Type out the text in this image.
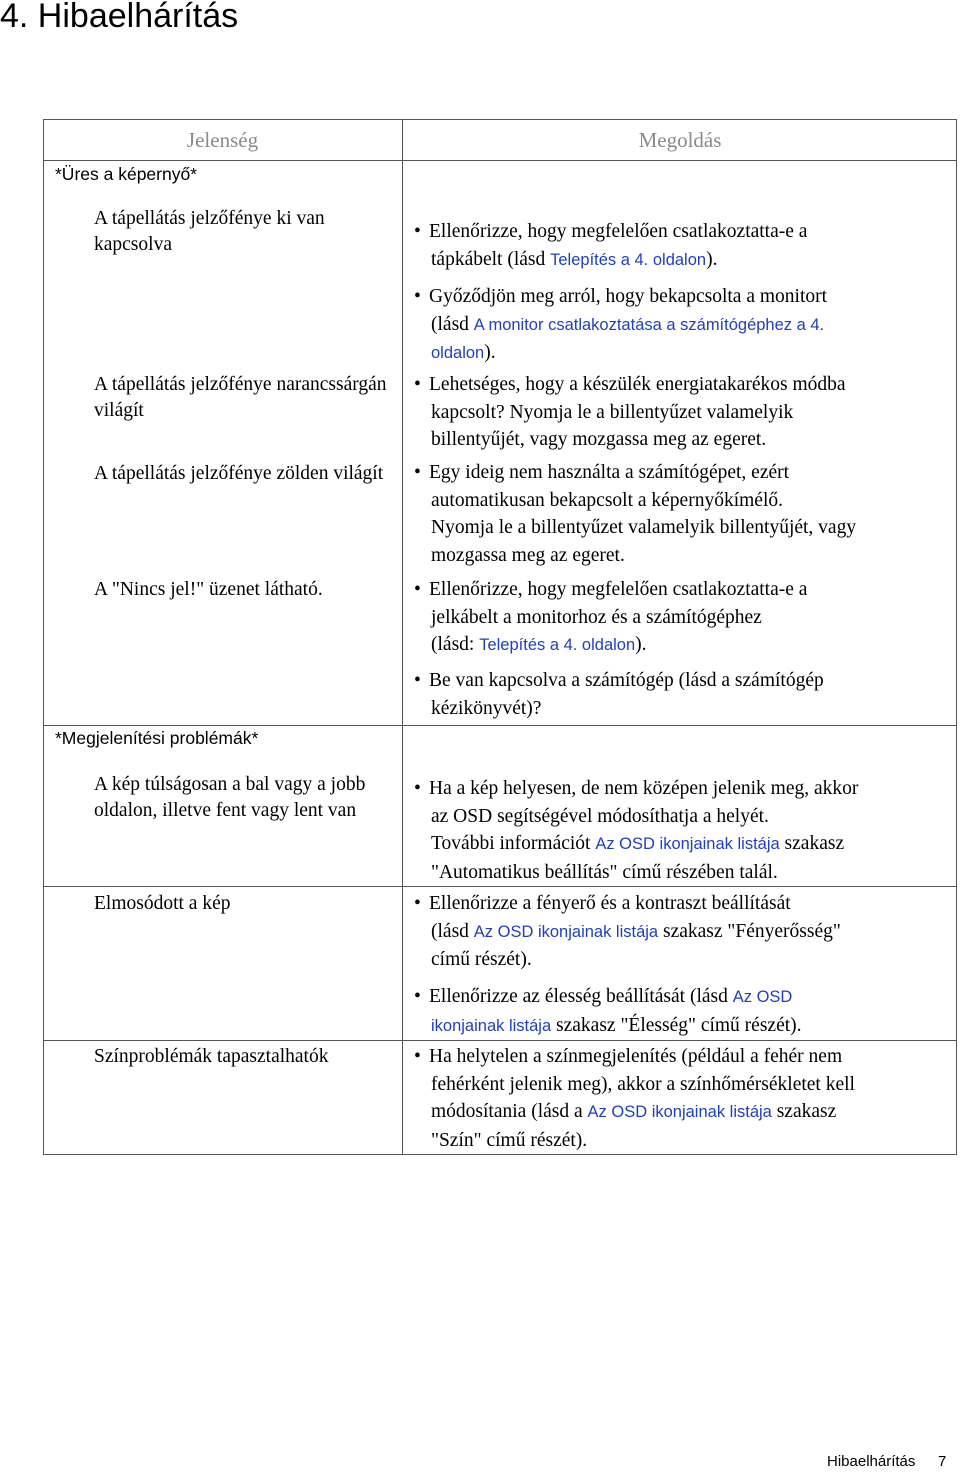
4. Hibaelhárítás
Jelenség	Megoldás
*Üres a képernyő*
*Megjelenítési problémák*
A tápellátás jelzőfénye ki van kapcsolva
A tápellátás jelzőfénye narancssárgán világít
A tápellátás jelzőfénye zölden világít
A "Nincs jel!" üzenet látható.
A kép túlságosan a bal vagy a jobb oldalon, illetve fent vagy lent van
Elmosódott a kép
Színproblémák tapasztalhatók
• Ellenőrizze, hogy megfelelően csatlakoztatta-e a
tápkábelt (lásd Telepítés a 4. oldalon).
• Győződjön meg arról, hogy bekapcsolta a monitort
(lásd A monitor csatlakoztatása a számítógéphez a 4.
oldalon).
• Lehetséges, hogy a készülék energiatakarékos módba
kapcsolt? Nyomja le a billentyűzet valamelyik
billentyűjét, vagy mozgassa meg az egeret.
• Egy ideig nem használta a számítógépet, ezért
automatikusan bekapcsolt a képernyőkímélő.
Nyomja le a billentyűzet valamelyik billentyűjét, vagy
mozgassa meg az egeret.
• Ellenőrizze, hogy megfelelően csatlakoztatta-e a
jelkábelt a monitorhoz és a számítógéphez
(lásd: Telepítés a 4. oldalon).
• Be van kapcsolva a számítógép (lásd a számítógép
kézikönyvét)?
• Ha a kép helyesen, de nem középen jelenik meg, akkor
az OSD segítségével módosíthatja a helyét.
További információt Az OSD ikonjainak listája szakasz
"Automatikus beállítás" című részében talál.
• Ellenőrizze a fényerő és a kontraszt beállítását
(lásd Az OSD ikonjainak listája szakasz "Fényerősség"
című részét).
• Ellenőrizze az élesség beállítását (lásd Az OSD
ikonjainak listája szakasz "Élesség" című részét).
• Ha helytelen a színmegjelenítés (például a fehér nem
fehérként jelenik meg), akkor a színhőmérsékletet kell
módosítania (lásd a Az OSD ikonjainak listája szakasz
"Szín" című részét).
Hibaelhárítás 7
